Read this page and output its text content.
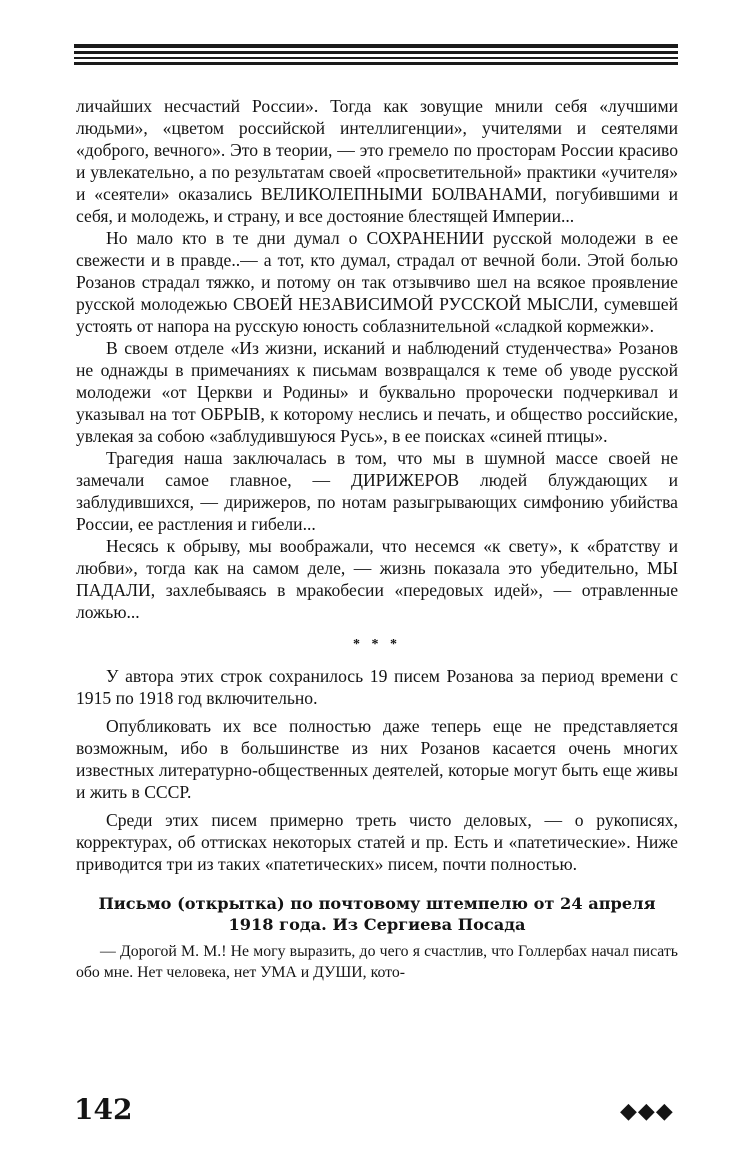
личайших несчастий России». Тогда как зовущие мнили себя «лучшими людьми», «цветом российской интеллигенции», учителями и сеятелями «доброго, вечного». Это в теории, — это гремело по просторам России красиво и увлекательно, а по результатам своей «просветительной» практики «учителя» и «сеятели» оказались ВЕЛИКОЛЕПНЫМИ БОЛВАНАМИ, погубившими и себя, и молодежь, и страну, и все достояние блестящей Империи...

Но мало кто в те дни думал о СОХРАНЕНИИ русской молодежи в ее свежести и в правде..— а тот, кто думал, страдал от вечной боли. Этой болью Розанов страдал тяжко, и потому он так отзывчиво шел на всякое проявление русской молодежью СВОЕЙ НЕЗАВИСИМОЙ РУССКОЙ МЫСЛИ, сумевшей устоять от напора на русскую юность соблазнительной «сладкой кормежки».

В своем отделе «Из жизни, исканий и наблюдений студенчества» Розанов не однажды в примечаниях к письмам возвращался к теме об уводе русской молодежи «от Церкви и Родины» и буквально пророчески подчеркивал и указывал на тот ОБРЫВ, к которому неслись и печать, и общество российские, увлекая за собою «заблудившуюся Русь», в ее поисках «синей птицы».

Трагедия наша заключалась в том, что мы в шумной массе своей не замечали самое главное, — ДИРИЖЕРОВ людей блуждающих и заблудившихся, — дирижеров, по нотам разыгрывающих симфонию убийства России, ее растления и гибели...

Несясь к обрыву, мы воображали, что несемся «к свету», к «братству и любви», тогда как на самом деле, — жизнь показала это убедительно, МЫ ПАДАЛИ, захлебываясь в мракобесии «передовых идей», — отравленные ложью...

* * *

У автора этих строк сохранилось 19 писем Розанова за период времени с 1915 по 1918 год включительно.

Опубликовать их все полностью даже теперь еще не представляется возможным, ибо в большинстве из них Розанов касается очень многих известных литературно-общественных деятелей, которые могут быть еще живы и жить в СССР.

Среди этих писем примерно треть чисто деловых, — о рукописях, корректурах, об оттисках некоторых статей и пр. Есть и «патетические». Ниже приводится три из таких «патетических» писем, почти полностью.

Письмо (открытка) по почтовому штемпелю от 24 апреля
1918 года. Из Сергиева Посада

— Дорогой М. М.! Не могу выразить, до чего я счастлив, что Голлербах начал писать обо мне. Нет человека, нет УМА и ДУШИ, кото-

142	◆◆◆
